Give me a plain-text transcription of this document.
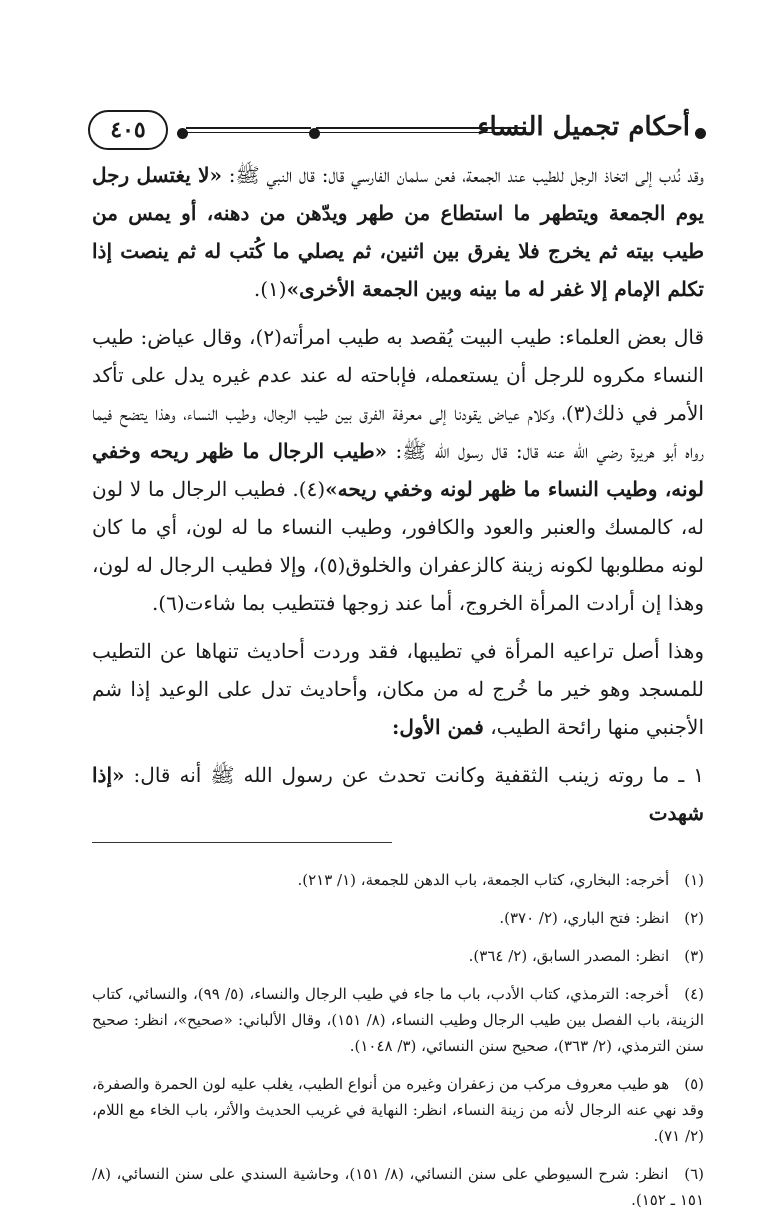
أحكام تجميل النساء
٤٠٥

وقد نُدب إلى اتخاذ الرجل للطيب عند الجمعة، فعن سلمان الفارسي قال: قال النبي ﷺ: «لا يغتسل رجل يوم الجمعة ويتطهر ما استطاع من طهر ويدّهن من دهنه، أو يمس من طيب بيته ثم يخرج فلا يفرق بين اثنين، ثم يصلي ما كُتب له ثم ينصت إذا تكلم الإمام إلا غفر له ما بينه وبين الجمعة الأخرى»(١).

قال بعض العلماء: طيب البيت يُقصد به طيب امرأته(٢)، وقال عياض: طيب النساء مكروه للرجل أن يستعمله، فإباحته له عند عدم غيره يدل على تأكد الأمر في ذلك(٣)، وكلام عياض يقودنا إلى معرفة الفرق بين طيب الرجال، وطيب النساء، وهذا يتضح فيما رواه أبو هريرة رضي الله عنه قال: قال رسول الله ﷺ: «طيب الرجال ما ظهر ريحه وخفي لونه، وطيب النساء ما ظهر لونه وخفي ريحه»(٤). فطيب الرجال ما لا لون له، كالمسك والعنبر والعود والكافور، وطيب النساء ما له لون، أي ما كان لونه مطلوبها لكونه زينة كالزعفران والخلوق(٥)، وإلا فطيب الرجال له لون، وهذا إن أرادت المرأة الخروج، أما عند زوجها فتتطيب بما شاءت(٦).

وهذا أصل تراعيه المرأة في تطيبها، فقد وردت أحاديث تنهاها عن التطيب للمسجد وهو خير ما خُرج له من مكان، وأحاديث تدل على الوعيد إذا شم الأجنبي منها رائحة الطيب، فمن الأول:

١ ـ ما روته زينب الثقفية وكانت تحدث عن رسول الله ﷺ أنه قال: «إذا شهدت

(١) أخرجه: البخاري، كتاب الجمعة، باب الدهن للجمعة، (١/ ٢١٣).

(٢) انظر: فتح الباري، (٢/ ٣٧٠).

(٣) انظر: المصدر السابق، (٢/ ٣٦٤).

(٤) أخرجه: الترمذي، كتاب الأدب، باب ما جاء في طيب الرجال والنساء، (٥/ ٩٩)، والنسائي، كتاب الزينة، باب الفصل بين طيب الرجال وطيب النساء، (٨/ ١٥١)، وقال الألباني: «صحيح»، انظر: صحيح سنن الترمذي، (٢/ ٣٦٣)، صحيح سنن النسائي، (٣/ ١٠٤٨).

(٥) هو طيب معروف مركب من زعفران وغيره من أنواع الطيب، يغلب عليه لون الحمرة والصفرة، وقد نهي عنه الرجال لأنه من زينة النساء، انظر: النهاية في غريب الحديث والأثر، باب الخاء مع اللام، (٢/ ٧١).

(٦) انظر: شرح السيوطي على سنن النسائي، (٨/ ١٥١)، وحاشية السندي على سنن النسائي، (٨/ ١٥١ ـ ١٥٢).
